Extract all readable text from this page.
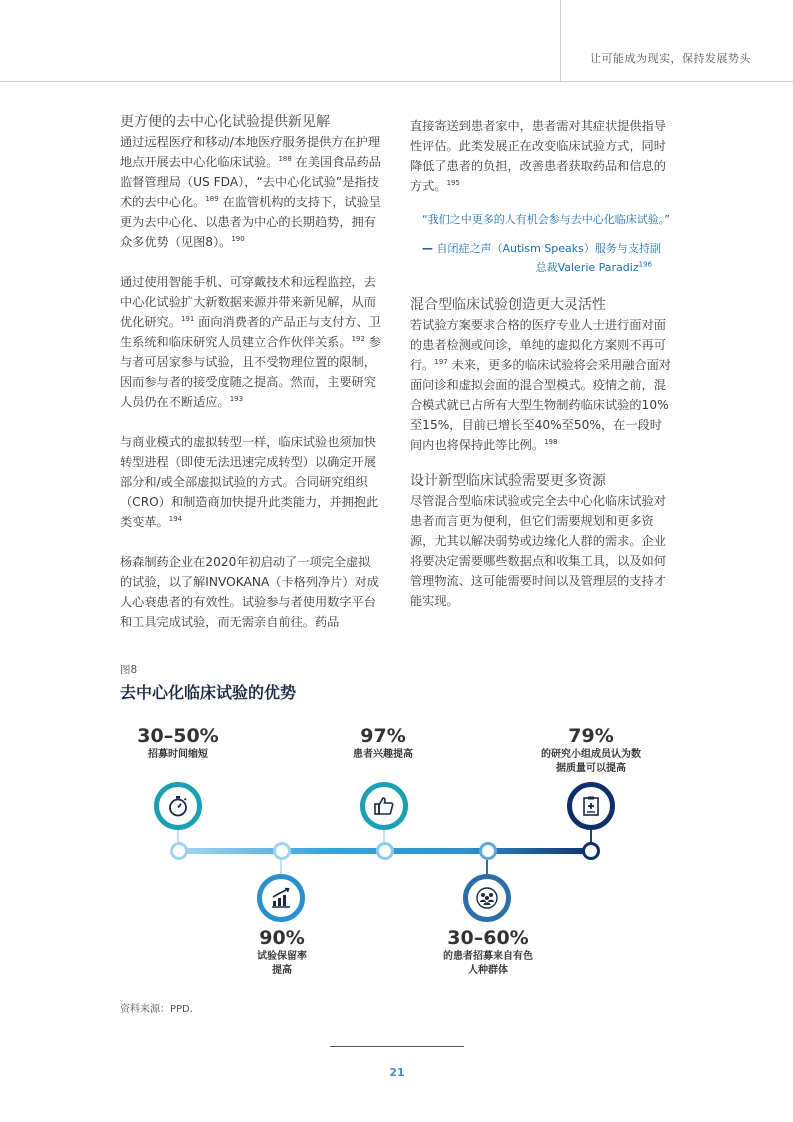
让可能成为现实，保持发展势头

更方便的去中心化试验提供新见解

通过远程医疗和移动/本地医疗服务提供方在护理地点开展去中心化临床试验。$^{188}$ 在美国食品药品监督管理局（US FDA），“去中心化试验”是指技术的去中心化。$^{189}$ 在监管机构的支持下，试验呈更为去中心化、以患者为中心的长期趋势，拥有众多优势（见图8）。$^{190}$

通过使用智能手机、可穿戴技术和远程监控，去中心化试验扩大新数据来源并带来新见解，从而优化研究。$^{191}$ 面向消费者的产品正与支付方、卫生系统和临床研究人员建立合作伙伴关系。$^{192}$ 参与者可居家参与试验，且不受物理位置的限制，因而参与者的接受度随之提高。然而，主要研究人员仍在不断适应。$^{193}$

与商业模式的虚拟转型一样，临床试验也须加快转型进程（即使无法迅速完成转型）以确定开展部分和/或全部虚拟试验的方式。合同研究组织（CRO）和制造商加快提升此类能力，并拥抱此类变革。$^{194}$

杨森制药企业在2020年初启动了一项完全虚拟的试验，以了解INVOKANA（卡格列净片）对成人心衰患者的有效性。试验参与者使用数字平台和工具完成试验，而无需亲自前往。药品

直接寄送到患者家中，患者需对其症状提供指导性评估。此类发展正在改变临床试验方式，同时降低了患者的负担，改善患者获取药品和信息的方式。$^{195}$

“我们之中更多的人有机会参与去中心化临床试验。”
— 自闭症之声（Autism Speaks）服务与支持副
总裁Valerie Paradiz$^{196}$

混合型临床试验创造更大灵活性

若试验方案要求合格的医疗专业人士进行面对面的患者检测或问诊，单纯的虚拟化方案则不再可行。$^{197}$ 未来，更多的临床试验将会采用融合面对面问诊和虚拟会面的混合型模式。疫情之前，混合模式就已占所有大型生物制药临床试验的10%至15%，目前已增长至40%至50%，在一段时间内也将保持此等比例。$^{198}$

设计新型临床试验需要更多资源

尽管混合型临床试验或完全去中心化临床试验对患者而言更为便利，但它们需要规划和更多资源，尤其以解决弱势或边缘化人群的需求。企业将要决定需要哪些数据点和收集工具，以及如何管理物流、这可能需要时间以及管理层的支持才能实现。

图8
去中心化临床试验的优势
30–50%
招募时间缩短
97%
患者兴趣提高
79%
的研究小组成员认为数
据质量可以提高
90%
试验保留率
提高
30–60%
的患者招募来自有色
人种群体
资料来源：PPD.
21
